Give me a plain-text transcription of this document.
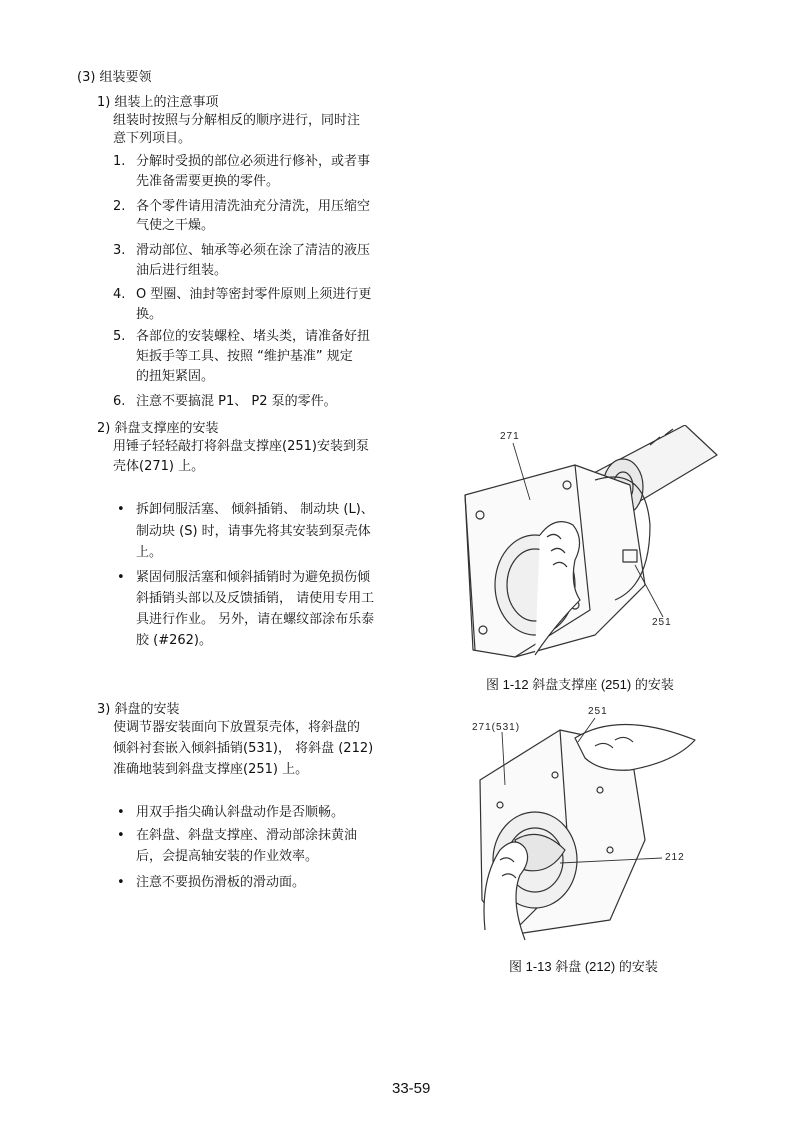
(3) 组装要领
1) 组装上的注意事项
组装时按照与分解相反的顺序进行，同时注
意下列项目。
1. 分解时受损的部位必须进行修补，或者事
先准备需要更换的零件。
2. 各个零件请用清洗油充分清洗，用压缩空
气使之干燥。
3. 滑动部位、轴承等必须在涂了清洁的液压
油后进行组装。
4. O 型圈、油封等密封零件原则上须进行更
换。
5. 各部位的安装螺栓、堵头类，请准备好扭
矩扳手等工具、按照 “维护基准” 规定
的扭矩紧固。
6. 注意不要搞混 P1、 P2 泵的零件。
2) 斜盘支撑座的安装
用锤子轻轻敲打将斜盘支撑座(251)安装到泵
壳体(271) 上。
• 拆卸伺服活塞、 倾斜插销、 制动块 (L)、
制动块 (S) 时，请事先将其安装到泵壳体
上。
• 紧固伺服活塞和倾斜插销时为避免损伤倾
斜插销头部以及反馈插销， 请使用专用工
具进行作业。 另外，请在螺纹部涂布乐泰
胶 (#262)。
271
251
图 1-12 斜盘支撑座 (251) 的安装
3) 斜盘的安装
使调节器安装面向下放置泵壳体，将斜盘的
倾斜衬套嵌入倾斜插销(531)， 将斜盘 (212)
准确地装到斜盘支撑座(251) 上。
• 用双手指尖确认斜盘动作是否顺畅。
• 在斜盘、斜盘支撑座、滑动部涂抹黄油
后，会提高轴安装的作业效率。
• 注意不要损伤滑板的滑动面。
271(531)
251
212
图 1-13 斜盘 (212) 的安装
33-59
